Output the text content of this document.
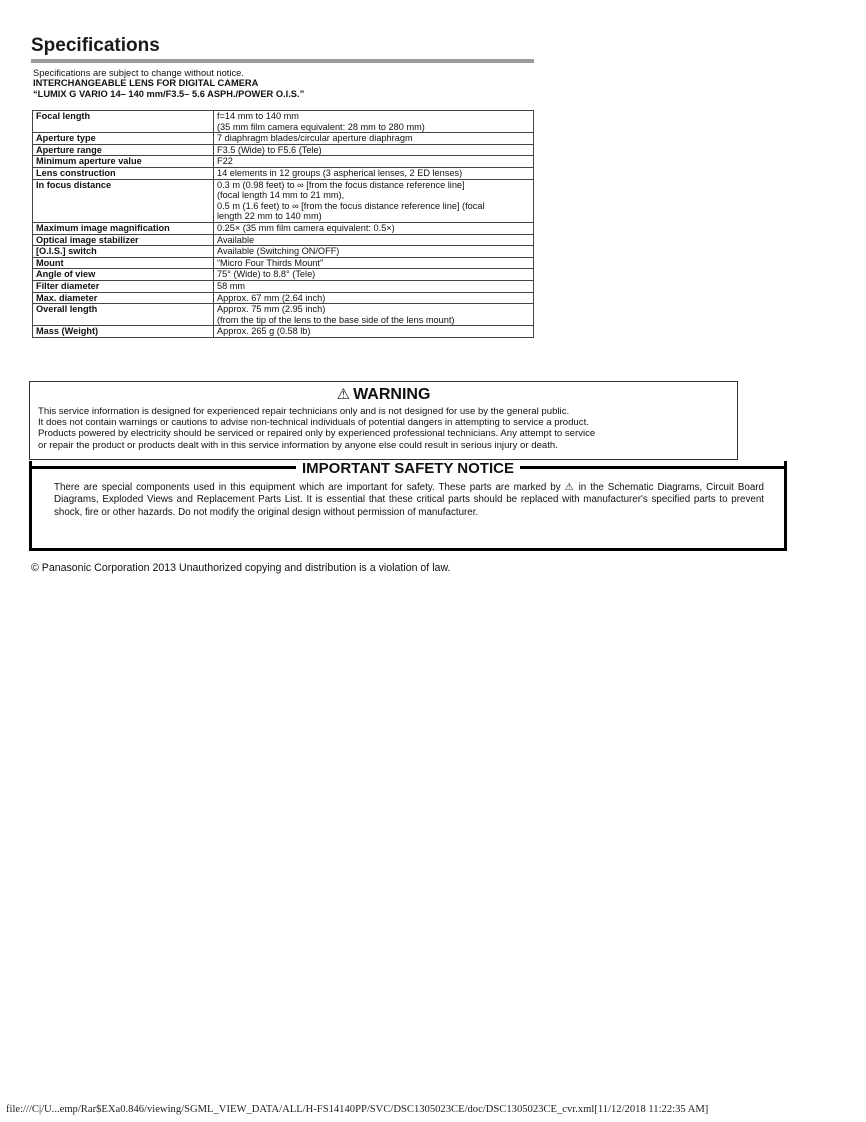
Specifications
Specifications are subject to change without notice.
INTERCHANGEABLE LENS FOR DIGITAL CAMERA
“LUMIX G VARIO 14– 140 mm/F3.5– 5.6 ASPH./POWER O.I.S.”
Focal length	f=14 mm to 140 mm
(35 mm film camera equivalent: 28 mm to 280 mm)

Aperture type	7 diaphragm blades/circular aperture diaphragm

Aperture range	F3.5 (Wide) to F5.6 (Tele)

Minimum aperture value	F22

Lens construction	14 elements in 12 groups (3 aspherical lenses, 2 ED lenses)

In focus distance	0.3 m (0.98 feet) to ∞ [from the focus distance reference line]
(focal length 14 mm to 21 mm),
0.5 m (1.6 feet) to ∞ [from the focus distance reference line] (focal
length 22 mm to 140 mm)

Maximum image magnification	0.25× (35 mm film camera equivalent: 0.5×)

Optical image stabilizer	Available

[O.I.S.] switch	Available (Switching ON/OFF)

Mount	“Micro Four Thirds Mount”

Angle of view	75° (Wide) to 8.8° (Tele)

Filter diameter	58 mm

Max. diameter	Approx. 67 mm (2.64 inch)

Overall length	Approx. 75 mm (2.95 inch)
(from the tip of the lens to the base side of the lens mount)

Mass (Weight)	Approx. 265 g (0.58 lb)
⚠ WARNING
This service information is designed for experienced repair technicians only and is not designed for use by the general public.
It does not contain warnings or cautions to advise non-technical individuals of potential dangers in attempting to service a product.
Products powered by electricity should be serviced or repaired only by experienced professional technicians. Any attempt to service
or repair the product or products dealt with in this service information by anyone else could result in serious injury or death.
IMPORTANT SAFETY NOTICE
There are special components used in this equipment which are important for safety. These parts are marked by ⚠ in the Schematic Diagrams, Circuit Board Diagrams, Exploded Views and Replacement Parts List. It is essential that these critical parts should be replaced with manufacturer's specified parts to prevent shock, fire or other hazards. Do not modify the original design without permission of manufacturer.
© Panasonic Corporation 2013 Unauthorized copying and distribution is a violation of law.
file:///C|/U...emp/Rar$EXa0.846/viewing/SGML_VIEW_DATA/ALL/H-FS14140PP/SVC/DSC1305023CE/doc/DSC1305023CE_cvr.xml[11/12/2018 11:22:35 AM]
